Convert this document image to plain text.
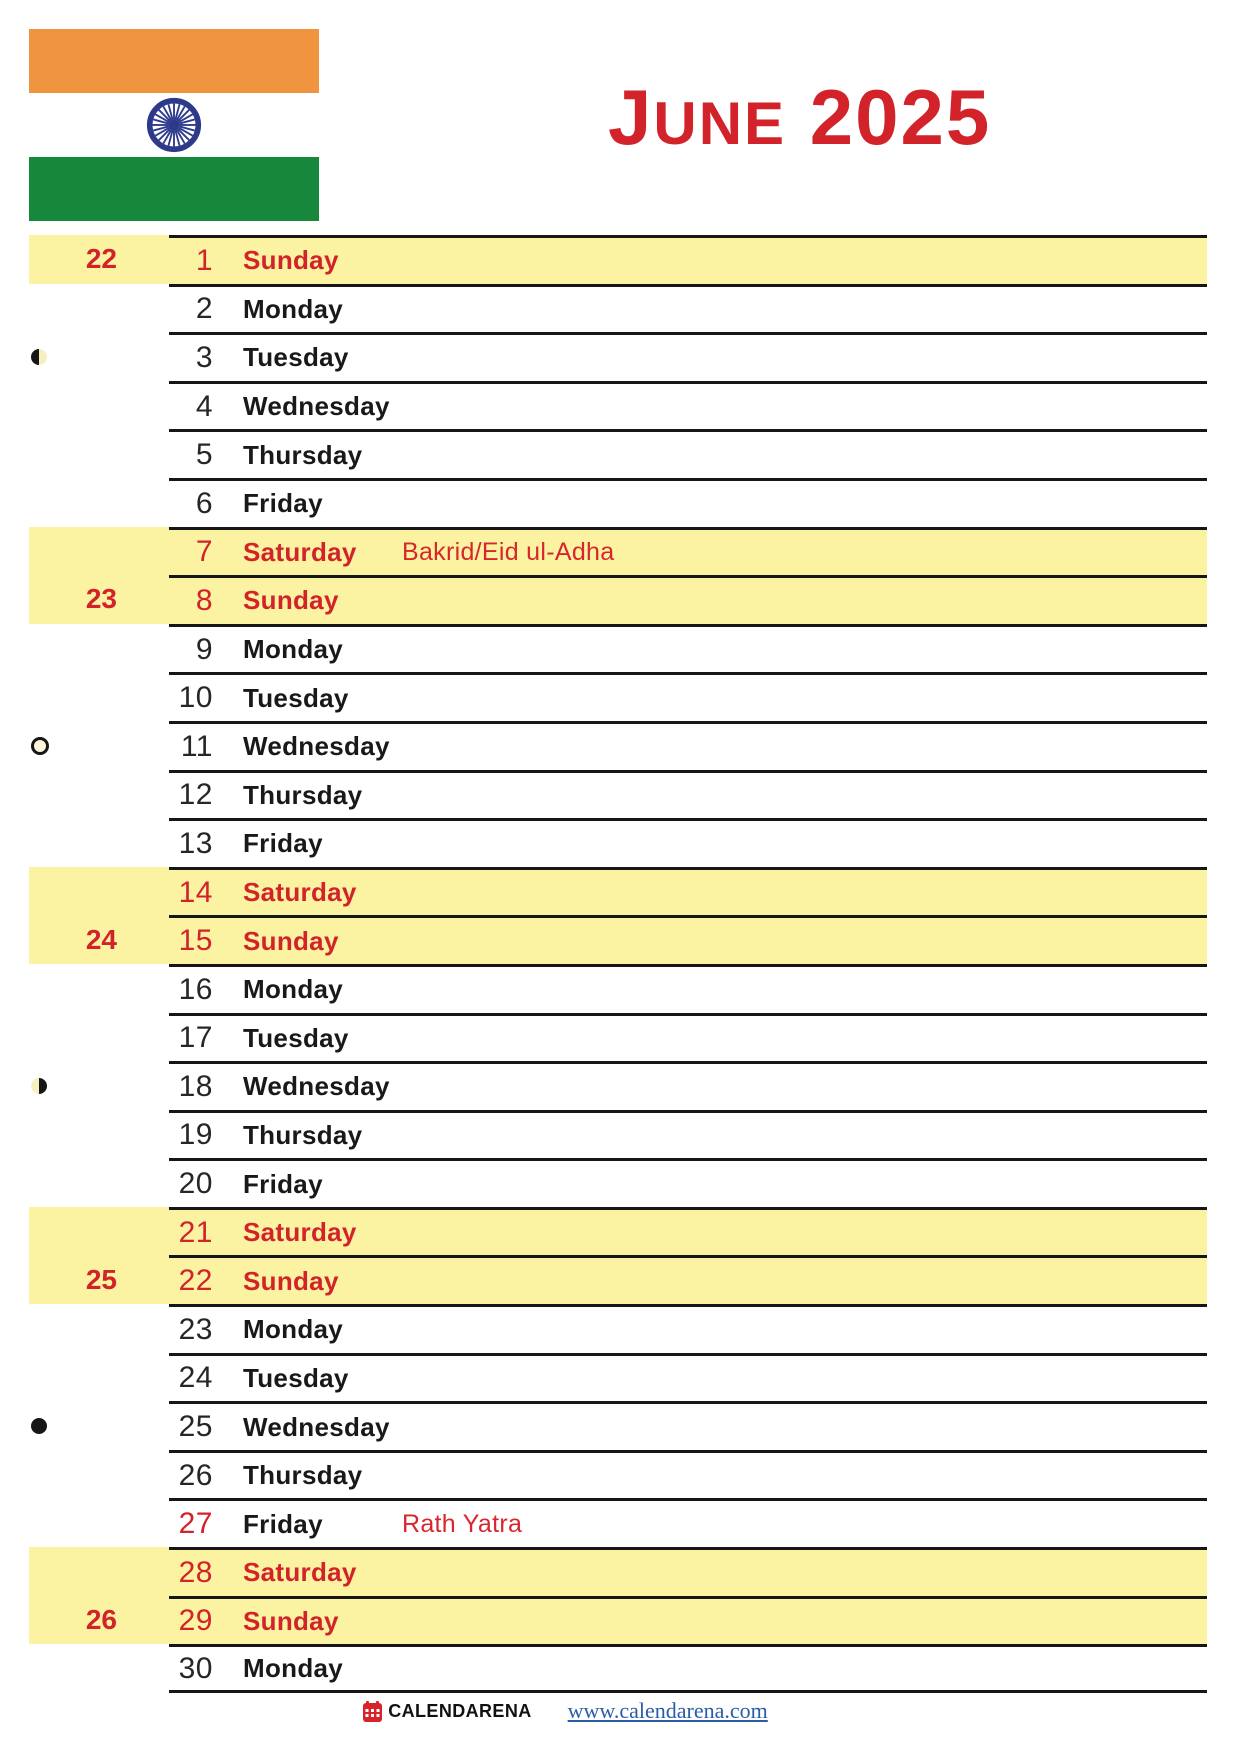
JUNE 2025
22
23
24
25
26
1 Sunday
2 Monday
3 Tuesday
4 Wednesday
5 Thursday
6 Friday
7 Saturday Bakrid/Eid ul-Adha
8 Sunday
9 Monday
10 Tuesday
11 Wednesday
12 Thursday
13 Friday
14 Saturday
15 Sunday
16 Monday
17 Tuesday
18 Wednesday
19 Thursday
20 Friday
21 Saturday
22 Sunday
23 Monday
24 Tuesday
25 Wednesday
26 Thursday
27 Friday	Rath Yatra
28 Saturday
29 Sunday
30 Monday
CALENDARENA www.calendarena.com
